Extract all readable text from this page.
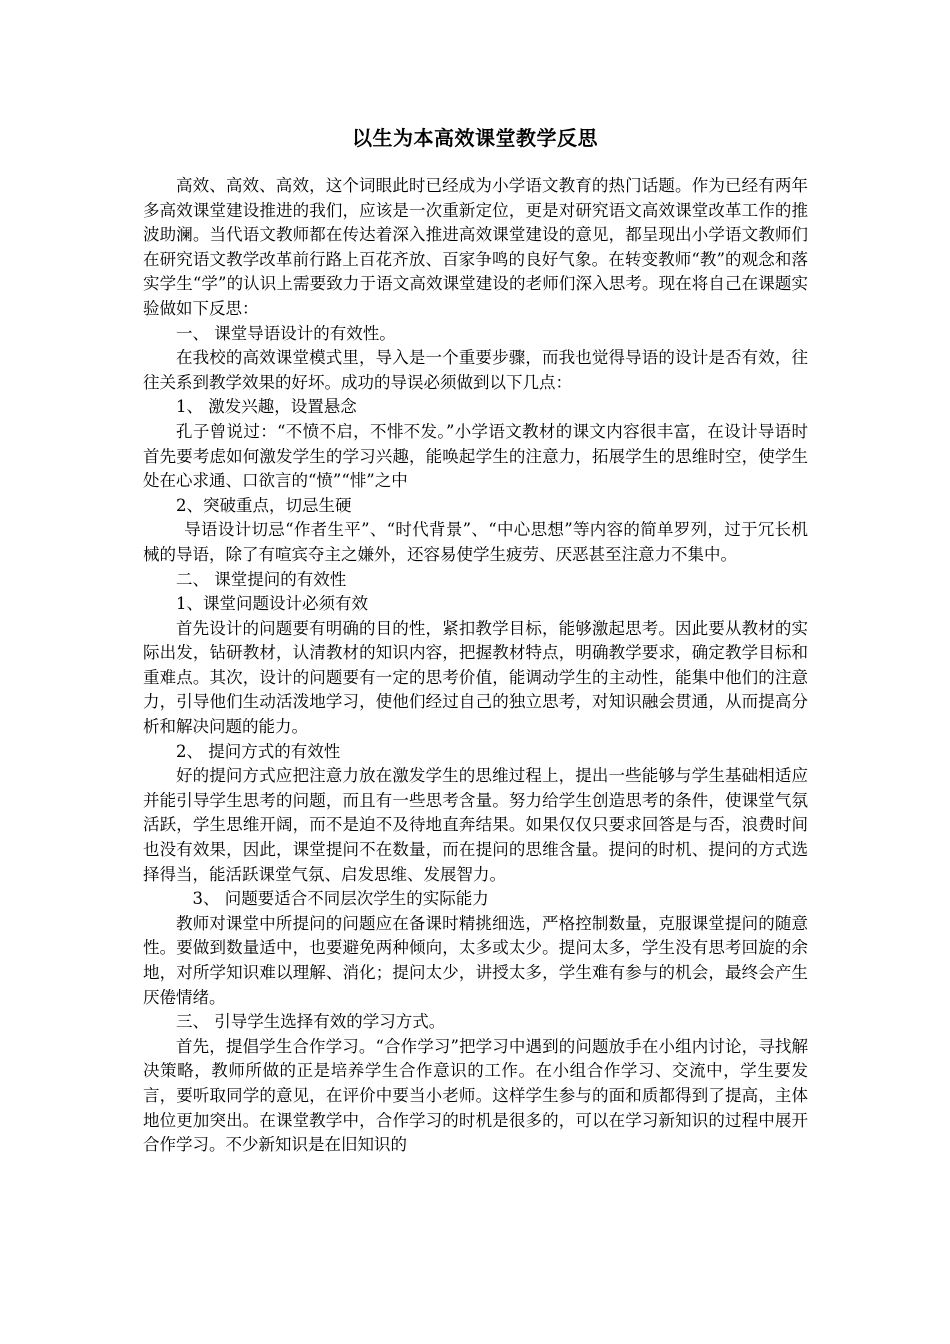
以生为本高效课堂教学反思

高效、高效、高效，这个词眼此时已经成为小学语文教育的热门话题。作为已经有两年多高效课堂建设推进的我们，应该是一次重新定位，更是对研究语文高效课堂改革工作的推波助澜。当代语文教师都在传达着深入推进高效课堂建设的意见，都呈现出小学语文教师们在研究语文教学改革前行路上百花齐放、百家争鸣的良好气象。在转变教师“教”的观念和落实学生“学”的认识上需要致力于语文高效课堂建设的老师们深入思考。现在将自己在课题实验做如下反思：

一、 课堂导语设计的有效性。

在我校的高效课堂模式里，导入是一个重要步骤，而我也觉得导语的设计是否有效，往往关系到教学效果的好坏。成功的导误必须做到以下几点：

1、 激发兴趣，设置悬念

孔子曾说过：“不愤不启，不悱不发。”小学语文教材的课文内容很丰富，在设计导语时首先要考虑如何激发学生的学习兴趣，能唤起学生的注意力，拓展学生的思维时空，使学生处在心求通、口欲言的“愤”“悱”之中

2、突破重点，切忌生硬

导语设计切忌“作者生平”、“时代背景”、“中心思想”等内容的简单罗列，过于冗长机械的导语，除了有喧宾夺主之嫌外，还容易使学生疲劳、厌恶甚至注意力不集中。

二、 课堂提问的有效性

1、课堂问题设计必须有效

首先设计的问题要有明确的目的性，紧扣教学目标，能够激起思考。因此要从教材的实际出发，钻研教材，认清教材的知识内容，把握教材特点，明确教学要求，确定教学目标和重难点。其次，设计的问题要有一定的思考价值，能调动学生的主动性，能集中他们的注意力，引导他们生动活泼地学习，使他们经过自己的独立思考，对知识融会贯通，从而提高分析和解决问题的能力。

2、 提问方式的有效性

好的提问方式应把注意力放在激发学生的思维过程上，提出一些能够与学生基础相适应并能引导学生思考的问题，而且有一些思考含量。努力给学生创造思考的条件，使课堂气氛活跃，学生思维开阔，而不是迫不及待地直奔结果。如果仅仅只要求回答是与否，浪费时间也没有效果，因此，课堂提问不在数量，而在提问的思维含量。提问的时机、提问的方式选择得当，能活跃课堂气氛、启发思维、发展智力。

3、 问题要适合不同层次学生的实际能力

教师对课堂中所提问的问题应在备课时精挑细选，严格控制数量，克服课堂提问的随意性。要做到数量适中，也要避免两种倾向，太多或太少。提问太多，学生没有思考回旋的余地，对所学知识难以理解、消化；提问太少，讲授太多，学生难有参与的机会，最终会产生厌倦情绪。

三、 引导学生选择有效的学习方式。

首先，提倡学生合作学习。“合作学习”把学习中遇到的问题放手在小组内讨论，寻找解决策略，教师所做的正是培养学生合作意识的工作。在小组合作学习、交流中，学生要发言，要听取同学的意见，在评价中要当小老师。这样学生参与的面和质都得到了提高，主体地位更加突出。在课堂教学中，合作学习的时机是很多的，可以在学习新知识的过程中展开合作学习。不少新知识是在旧知识的
